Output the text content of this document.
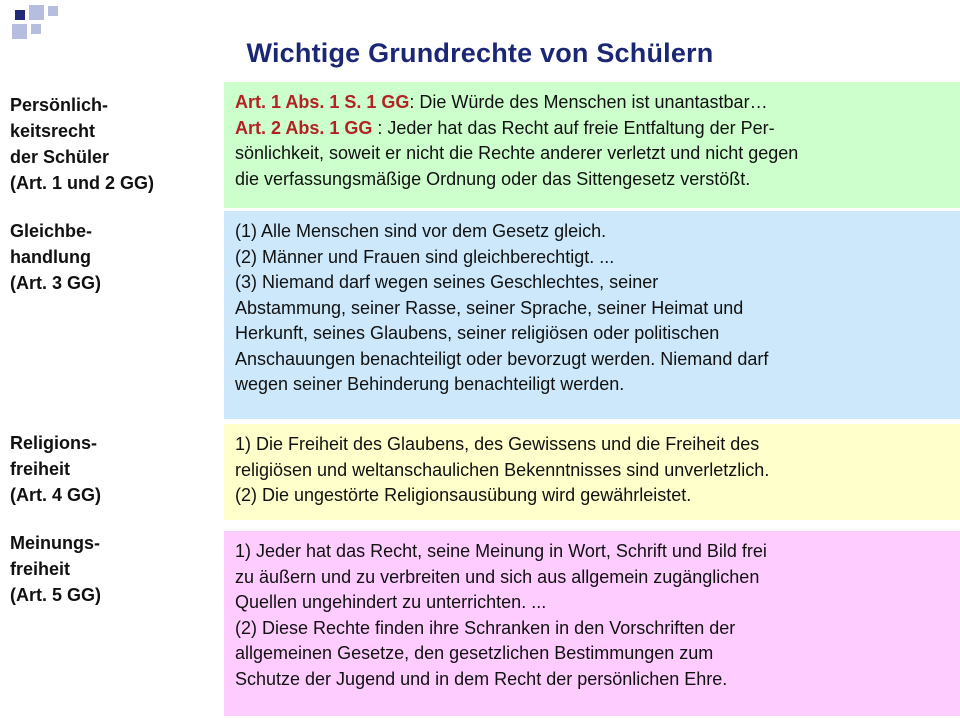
Wichtige Grundrechte von Schülern
Persönlich-
keitsrecht
der Schüler
(Art. 1 und 2 GG)
Art. 1 Abs. 1 S. 1 GG: Die Würde des Menschen ist unantastbar…
Art. 2 Abs. 1 GG : Jeder hat das Recht auf freie Entfaltung der Per-
sönlichkeit, soweit er nicht die Rechte anderer verletzt und nicht gegen
die verfassungsmäßige Ordnung oder das Sittengesetz verstößt.
Gleichbe-
handlung
(Art. 3 GG)
(1) Alle Menschen sind vor dem Gesetz gleich.
(2) Männer und Frauen sind gleichberechtigt. ...
(3) Niemand darf wegen seines Geschlechtes, seiner
Abstammung, seiner Rasse, seiner Sprache, seiner Heimat und
Herkunft, seines Glaubens, seiner religiösen oder politischen
Anschauungen benachteiligt oder bevorzugt werden. Niemand darf
wegen seiner Behinderung benachteiligt werden.
Religions-
freiheit
(Art. 4 GG)
1) Die Freiheit des Glaubens, des Gewissens und die Freiheit des
religiösen und weltanschaulichen Bekenntnisses sind unverletzlich.
(2) Die ungestörte Religionsausübung wird gewährleistet.
Meinungs-
freiheit
(Art. 5 GG)
1) Jeder hat das Recht, seine Meinung in Wort, Schrift und Bild frei
zu äußern und zu verbreiten und sich aus allgemein zugänglichen
Quellen ungehindert zu unterrichten. ...
(2) Diese Rechte finden ihre Schranken in den Vorschriften der
allgemeinen Gesetze, den gesetzlichen Bestimmungen zum
Schutze der Jugend und in dem Recht der persönlichen Ehre.
